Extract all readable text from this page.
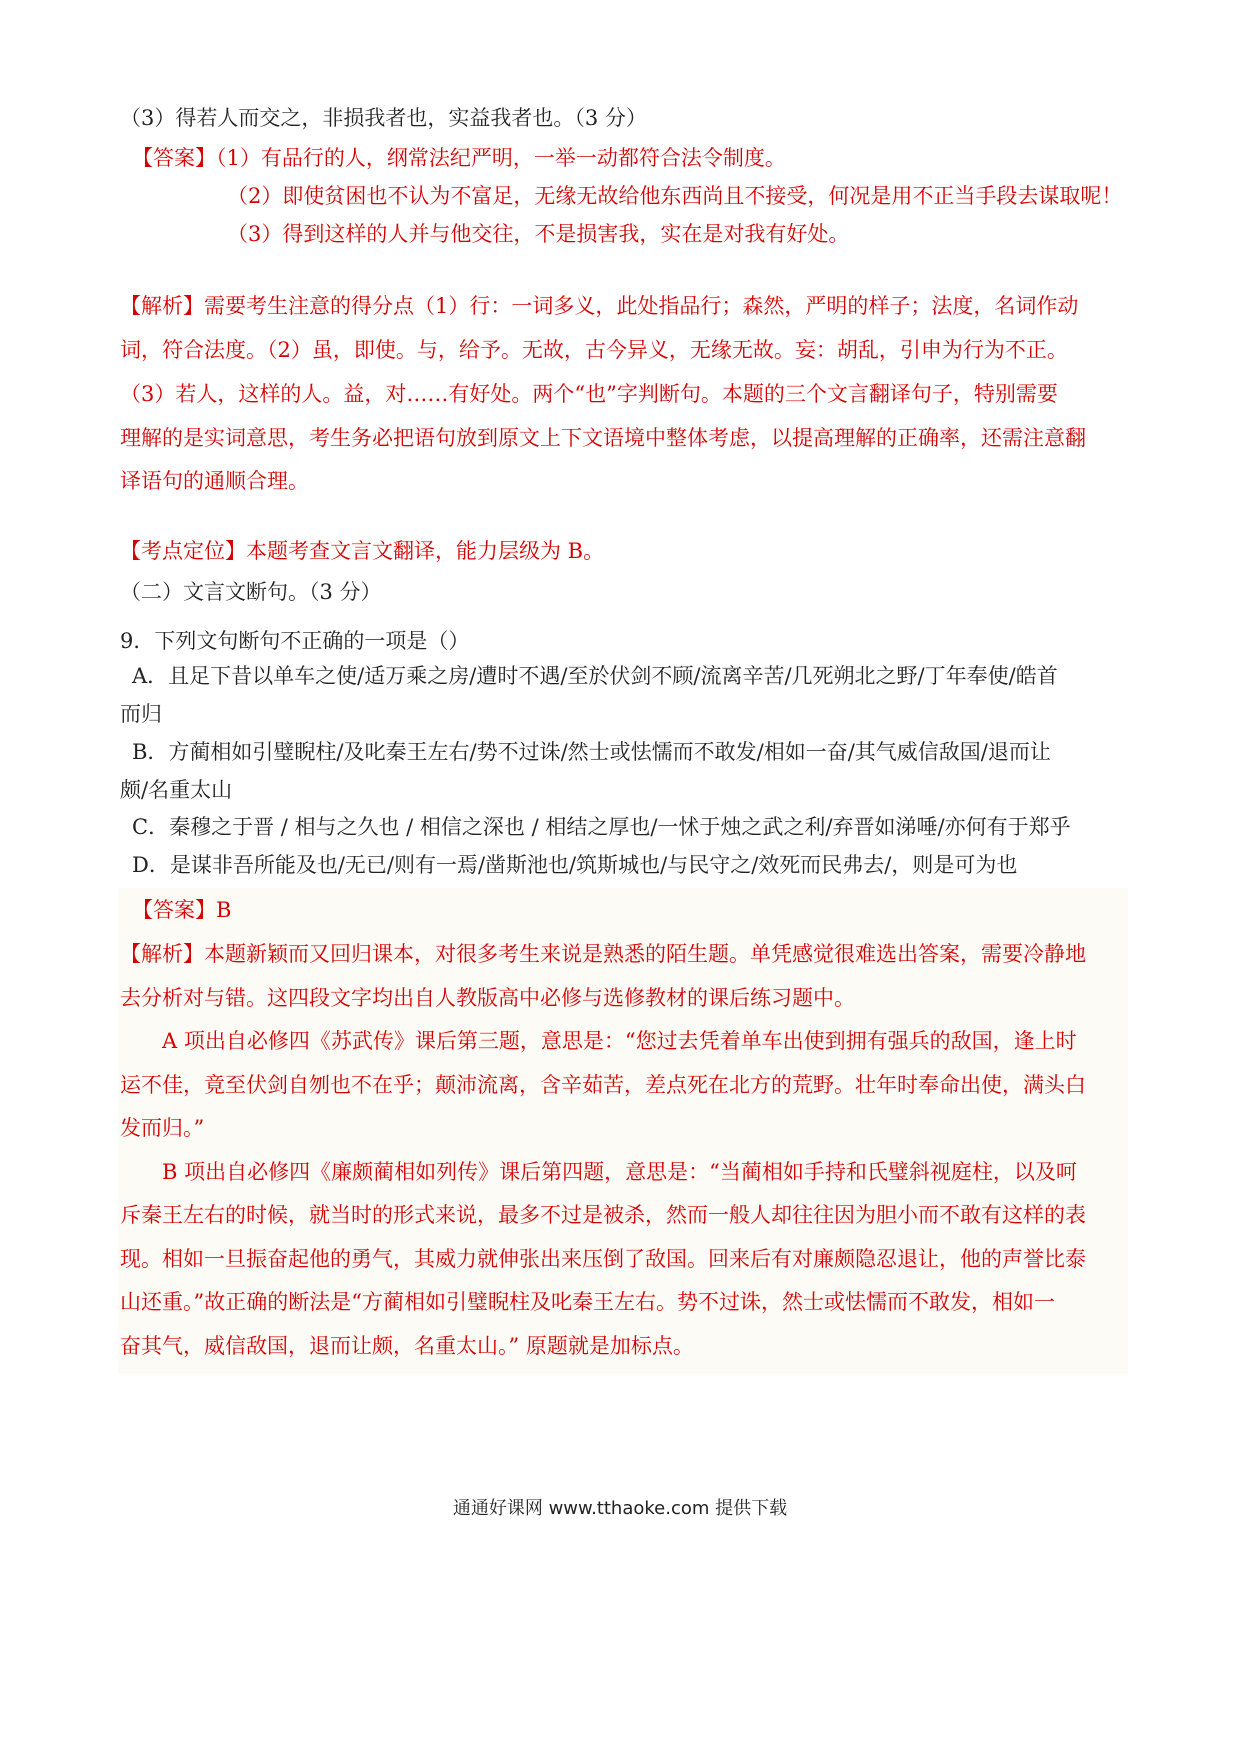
（3）得若人而交之，非损我者也，实益我者也。（3 分）

【答案】（1）有品行的人，纲常法纪严明，一举一动都符合法令制度。

（2）即使贫困也不认为不富足，无缘无故给他东西尚且不接受，何况是用不正当手段去谋取呢！

（3）得到这样的人并与他交往，不是损害我，实在是对我有好处。

【解析】需要考生注意的得分点（1）行：一词多义，此处指品行；森然，严明的样子；法度，名词作动

词，符合法度。（2）虽，即使。与，给予。无故，古今异义，无缘无故。妄：胡乱，引申为行为不正。

（3）若人，这样的人。益，对……有好处。两个“也”字判断句。本题的三个文言翻译句子，特别需要

理解的是实词意思，考生务必把语句放到原文上下文语境中整体考虑，以提高理解的正确率，还需注意翻

译语句的通顺合理。

【考点定位】本题考查文言文翻译，能力层级为 B。

（二）文言文断句。（3 分）

9．下列文句断句不正确的一项是（）

A．且足下昔以单车之使/适万乘之房/遭时不遇/至於伏剑不顾/流离辛苦/几死朔北之野/丁年奉使/皓首

而归

B．方蔺相如引璧睨柱/及叱秦王左右/势不过诛/然士或怯懦而不敢发/相如一奋/其气威信敌国/退而让

颇/名重太山

C．秦穆之于晋 / 相与之久也 / 相信之深也 / 相结之厚也/一怵于烛之武之利/弃晋如涕唾/亦何有于郑乎

D．是谋非吾所能及也/无已/则有一焉/凿斯池也/筑斯城也/与民守之/效死而民弗去/，则是可为也

【答案】B

【解析】本题新颖而又回归课本，对很多考生来说是熟悉的陌生题。单凭感觉很难选出答案，需要冷静地

去分析对与错。这四段文字均出自人教版高中必修与选修教材的课后练习题中。

A 项出自必修四《苏武传》课后第三题，意思是：“您过去凭着单车出使到拥有强兵的敌国，逢上时

运不佳，竟至伏剑自刎也不在乎；颠沛流离，含辛茹苦，差点死在北方的荒野。壮年时奉命出使，满头白

发而归。”

B 项出自必修四《廉颇蔺相如列传》课后第四题，意思是：“当蔺相如手持和氏璧斜视庭柱，以及呵

斥秦王左右的时候，就当时的形式来说，最多不过是被杀，然而一般人却往往因为胆小而不敢有这样的表

现。相如一旦振奋起他的勇气，其威力就伸张出来压倒了敌国。回来后有对廉颇隐忍退让，他的声誉比泰

山还重。”故正确的断法是“方蔺相如引璧睨柱及叱秦王左右。势不过诛，然士或怯懦而不敢发，相如一

奋其气，威信敌国，退而让颇，名重太山。” 原题就是加标点。

通通好课网 www.tthaoke.com 提供下载
